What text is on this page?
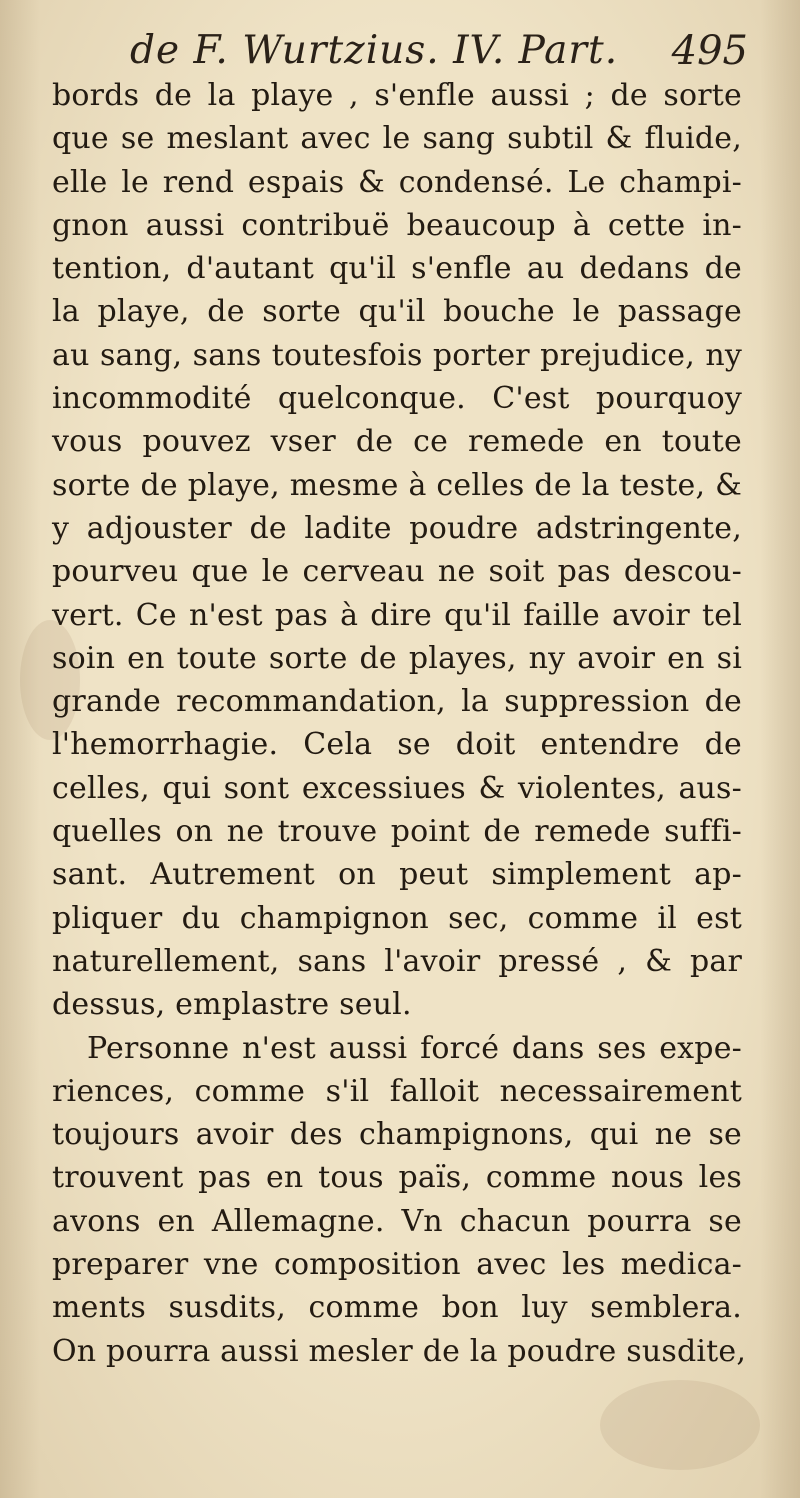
de F. Wurtzius. IV. Part. 495
bords de la playe , s'enfle aussi ; de sorte
que se meslant avec le sang subtil & fluide,
elle le rend espais & condensé. Le champi-
gnon aussi contribuë beaucoup à cette in-
tention, d'autant qu'il s'enfle au dedans de
la playe, de sorte qu'il bouche le passage
au sang, sans toutesfois porter prejudice, ny
incommodité quelconque. C'est pourquoy
vous pouvez vser de ce remede en toute
sorte de playe, mesme à celles de la teste, &
y adjouster de ladite poudre adstringente,
pourveu que le cerveau ne soit pas descou-
vert. Ce n'est pas à dire qu'il faille avoir tel
soin en toute sorte de playes, ny avoir en si
grande recommandation, la suppression de
l'hemorrhagie. Cela se doit entendre de
celles, qui sont excessiues & violentes, aus-
quelles on ne trouve point de remede suffi-
sant. Autrement on peut simplement ap-
pliquer du champignon sec, comme il est
naturellement, sans l'avoir pressé , & par
dessus, emplastre seul.
Personne n'est aussi forcé dans ses expe-
riences, comme s'il falloit necessairement
toujours avoir des champignons, qui ne se
trouvent pas en tous païs, comme nous les
avons en Allemagne. Vn chacun pourra se
preparer vne composition avec les medica-
ments susdits, comme bon luy semblera.
On pourra aussi mesler de la poudre susdite,
